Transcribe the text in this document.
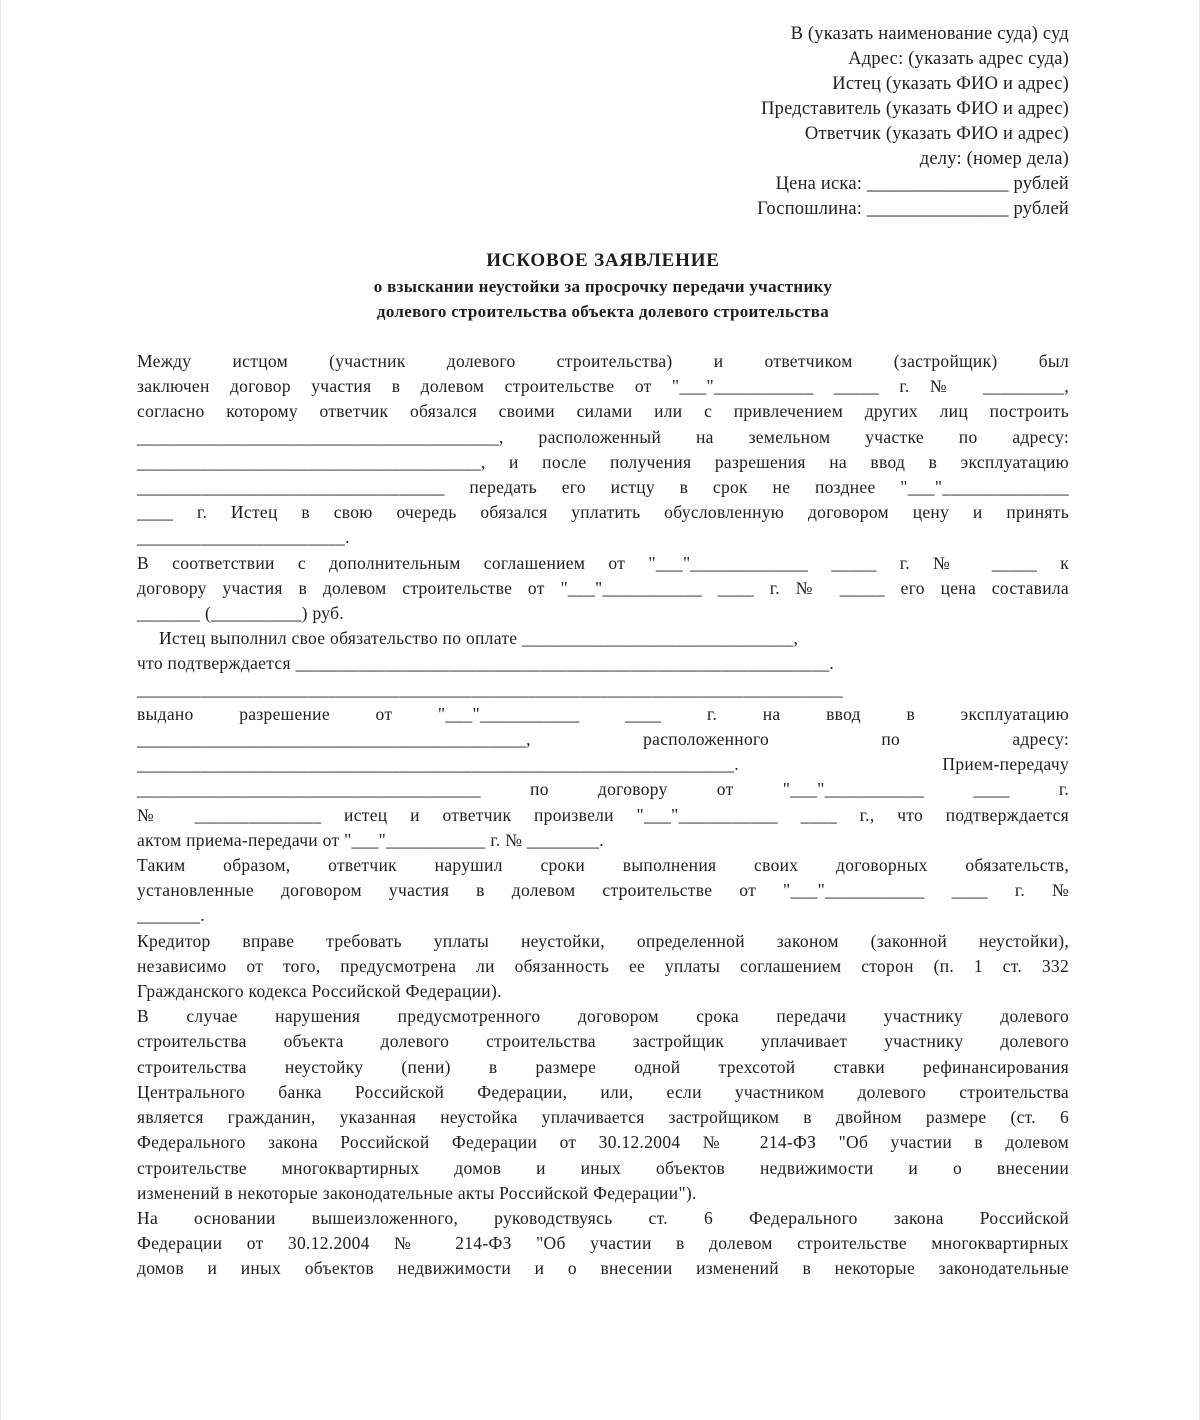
В (указать наименование суда) суд
Адрес: (указать адрес суда)
Истец (указать ФИО и адрес)
Представитель (указать ФИО и адрес)
Ответчик (указать ФИО и адрес)
делу: (номер дела)
Цена иска: _______________ рублей
Госпошлина: _______________ рублей
ИСКОВОЕ ЗАЯВЛЕНИЕ
о взыскании неустойки за просрочку передачи участнику
долевого строительства объекта долевого строительства
Между истцом (участник долевого строительства) и ответчиком (застройщик) был
заключен договор участия в долевом строительстве от "___"___________ _____ г. № _________,
согласно которому ответчик обязался своими силами или с привлечением других лиц построить
________________________________________, расположенный на земельном участке по адресу:
______________________________________, и после получения разрешения на ввод в эксплуатацию
__________________________________ передать его истцу в срок не позднее "___"______________
____ г. Истец в свою очередь обязался уплатить обусловленную договором цену и принять
_______________________.
В соответствии с дополнительным соглашением от "___"_____________ _____ г. № _____ к
договору участия в долевом строительстве от "___"___________ ____ г. № _____ его цена составила
_______ (__________) руб.
Истец выполнил свое обязательство по оплате ______________________________,
что подтверждается ___________________________________________________________.
______________________________________________________________________________
выдано разрешение от "___"___________ ____ г. на ввод в эксплуатацию
___________________________________________, расположенного по адресу:
__________________________________________________________________. Прием-передачу
______________________________________ по договору от "___"___________ ____ г.
№ ______________ истец и ответчик произвели "___"___________ ____ г., что подтверждается
актом приема-передачи от "___"___________ г. № ________.
Таким образом, ответчик нарушил сроки выполнения своих договорных обязательств,
установленные договором участия в долевом строительстве от "___"___________ ____ г. №
_______.
Кредитор вправе требовать уплаты неустойки, определенной законом (законной неустойки),
независимо от того, предусмотрена ли обязанность ее уплаты соглашением сторон (п. 1 ст. 332
Гражданского кодекса Российской Федерации).
В случае нарушения предусмотренного договором срока передачи участнику долевого
строительства объекта долевого строительства застройщик уплачивает участнику долевого
строительства неустойку (пени) в размере одной трехсотой ставки рефинансирования
Центрального банка Российской Федерации, или, если участником долевого строительства
является гражданин, указанная неустойка уплачивается застройщиком в двойном размере (ст. 6
Федерального закона Российской Федерации от 30.12.2004 № 214-ФЗ "Об участии в долевом
строительстве многоквартирных домов и иных объектов недвижимости и о внесении
изменений в некоторые законодательные акты Российской Федерации").
На основании вышеизложенного, руководствуясь ст. 6 Федерального закона Российской
Федерации от 30.12.2004 № 214-ФЗ "Об участии в долевом строительстве многоквартирных
домов и иных объектов недвижимости и о внесении изменений в некоторые законодательные
